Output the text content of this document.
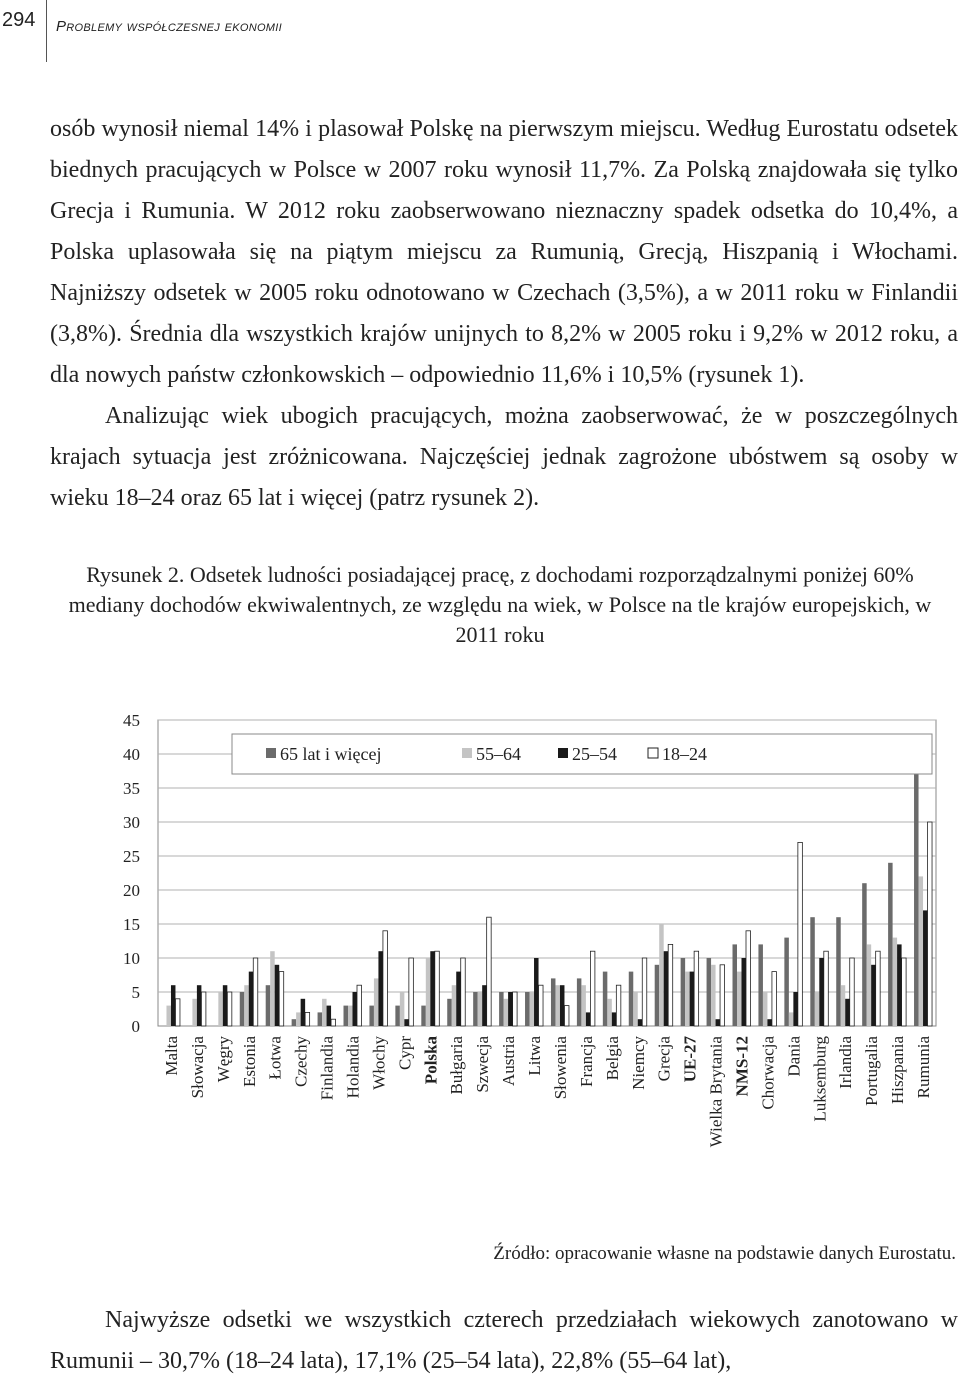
294	Problemy współczesnej ekonomii

osób wynosił niemal 14% i plasował Polskę na pierwszym miejscu. Według Eurostatu odsetek biednych pracujących w Polsce w 2007 roku wynosił 11,7%. Za Polską znajdowała się tylko Grecja i Rumunia. W 2012 roku zaobserwowano nieznaczny spadek odsetka do 10,4%, a Polska uplasowała się na piątym miejscu za Rumunią, Grecją, Hiszpanią i Włochami. Najniższy odsetek w 2005 roku odnotowano w Czechach (3,5%), a w 2011 roku w Finlandii (3,8%). Średnia dla wszystkich krajów unijnych to 8,2% w 2005 roku i 9,2% w 2012 roku, a dla nowych państw członkowskich – odpowiednio 11,6% i 10,5% (rysunek 1).

Analizując wiek ubogich pracujących, można zaobserwować, że w poszczególnych krajach sytuacja jest zróżnicowana. Najczęściej jednak zagrożone ubóstwem są osoby w wieku 18–24 oraz 65 lat i więcej (patrz rysunek 2).

Rysunek 2. Odsetek ludności posiadającej pracę, z dochodami rozporządzalnymi poniżej 60% mediany dochodów ekwiwalentnych, ze względu na wiek, w Polsce na tle krajów europejskich, w 2011 roku
0
5
10
15
20
25
30
35
40
45
Malta Słowacja Węgry Estonia Łotwa Czechy Finlandia Holandia Włochy Cypr Polska Bułgaria Szwecja Austria Litwa Słowenia Francja Belgia Niemcy Grecja UE-27 Wielka Brytania NMS-12 Chorwacja Dania Luksemburg Irlandia Portugalia Hiszpania Rumunia
65 lat i więcej	55–64	25–54	18–24
Źródło: opracowanie własne na podstawie danych Eurostatu.

Najwyższe odsetki we wszystkich czterech przedziałach wiekowych zanotowano w Rumunii – 30,7% (18–24 lata), 17,1% (25–54 lata), 22,8% (55–64 lat),
